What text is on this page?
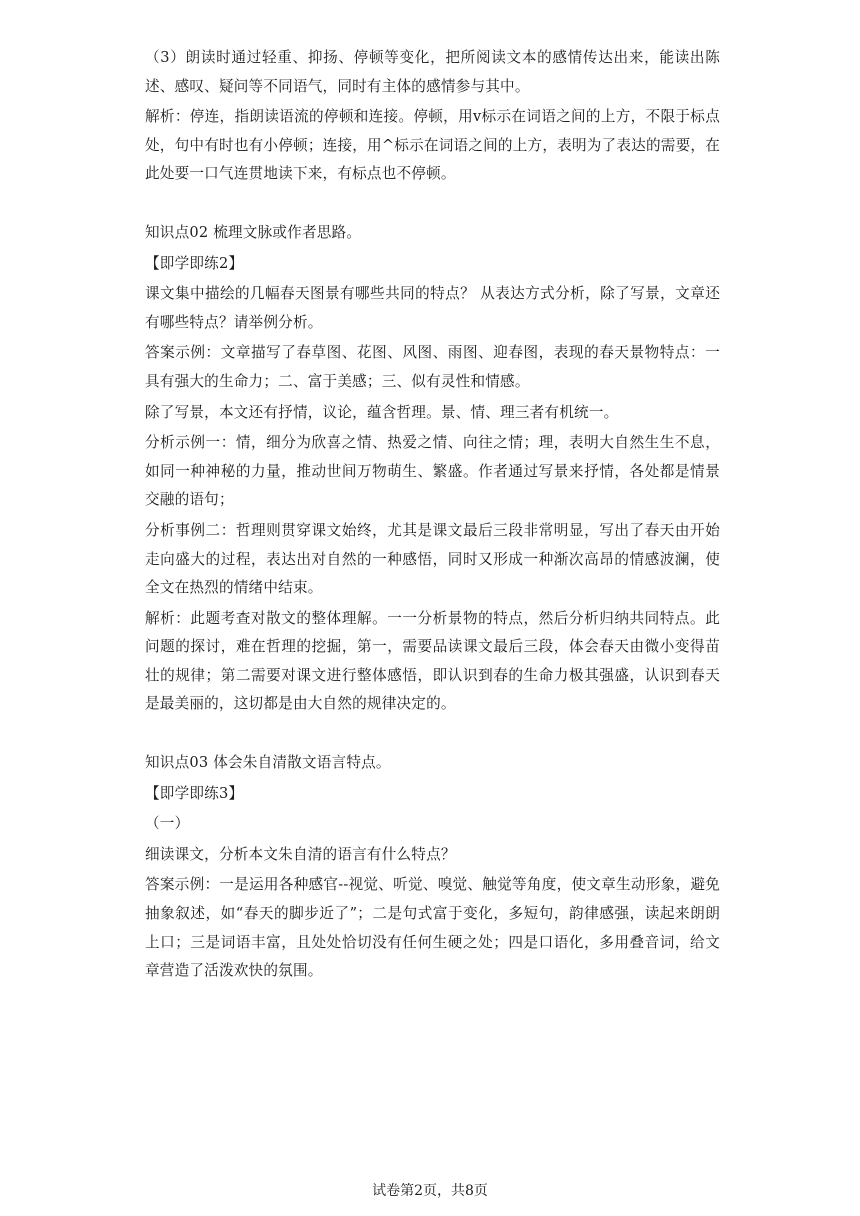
（3）朗读时通过轻重、抑扬、停顿等变化，把所阅读文本的感情传达出来，能读出陈述、感叹、疑问等不同语气，同时有主体的感情参与其中。

解析：停连，指朗读语流的停顿和连接。停顿，用ⅴ标示在词语之间的上方，不限于标点处，句中有时也有小停顿；连接，用^标示在词语之间的上方，表明为了表达的需要，在此处要一口气连贯地读下来，有标点也不停顿。

知识点02 梳理文脉或作者思路。

【即学即练2】

课文集中描绘的几幅春天图景有哪些共同的特点？ 从表达方式分析，除了写景，文章还有哪些特点？请举例分析。

答案示例：文章描写了春草图、花图、风图、雨图、迎春图，表现的春天景物特点：一具有强大的生命力；二、富于美感；三、似有灵性和情感。

除了写景，本文还有抒情，议论，蕴含哲理。景、情、理三者有机统一。

分析示例一：情，细分为欣喜之情、热爱之情、向往之情；理，表明大自然生生不息，如同一种神秘的力量，推动世间万物萌生、繁盛。作者通过写景来抒情，各处都是情景交融的语句；

分析事例二：哲理则贯穿课文始终，尤其是课文最后三段非常明显，写出了春天由开始走向盛大的过程，表达出对自然的一种感悟，同时又形成一种渐次高昂的情感波澜，使全文在热烈的情绪中结束。

解析：此题考查对散文的整体理解。一一分析景物的特点，然后分析归纳共同特点。此问题的探讨，难在哲理的挖掘，第一，需要品读课文最后三段，体会春天由微小变得苗壮的规律；第二需要对课文进行整体感悟，即认识到春的生命力极其强盛，认识到春天是最美丽的，这切都是由大自然的规律决定的。

知识点03 体会朱自清散文语言特点。

【即学即练3】

（一）

细读课文，分析本文朱自清的语言有什么特点？

答案示例：一是运用各种感官--视觉、听觉、嗅觉、触觉等角度，使文章生动形象，避免抽象叙述，如“春天的脚步近了”；二是句式富于变化，多短句，韵律感强，读起来朗朗上口；三是词语丰富，且处处恰切没有任何生硬之处；四是口语化，多用叠音词，给文章营造了活泼欢快的氛围。

试卷第2页，共8页
